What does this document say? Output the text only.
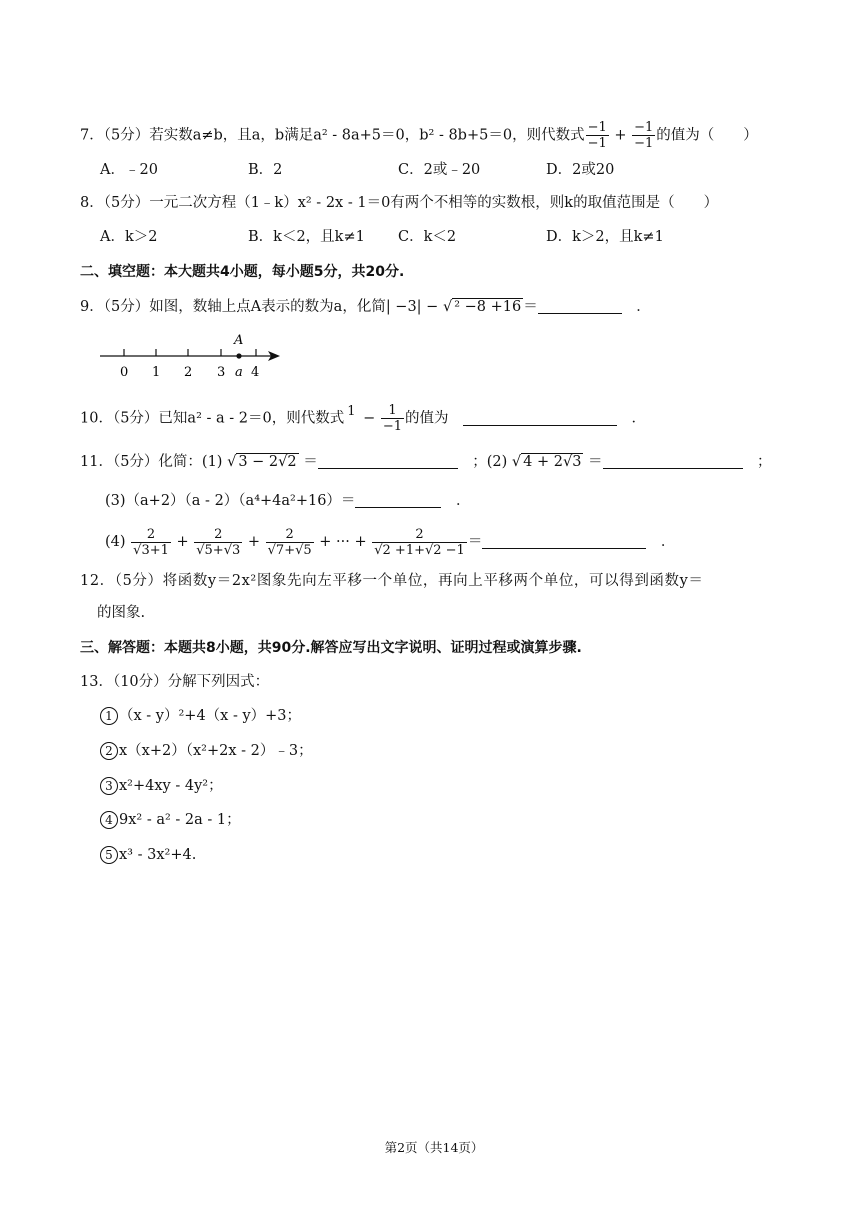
7．（5分）若实数a≠b，且a，b满足a² - 8a+5＝0，b² - 8b+5＝0，则代数式 $\frac{-1}{-1} + \frac{-1}{-1}$ 的值为（　　）
A．﹣20	B．2	C．2或﹣20	D．2或20
8．（5分）一元二次方程（1﹣k）x² - 2x - 1＝0有两个不相等的实数根，则k的取值范围是（　　）
A．k＞2	B．k＜2，且k≠1 C．k＜2	D．k＞2，且k≠1
二、填空题：本大题共4小题，每小题5分，共20分.
9．（5分）如图，数轴上点A表示的数为a，化简| −3| − √² −8 +16 ＝　	．
A
0 1 2 3 a 4
10．（5分）已知a² - a - 2＝0，则代数式 $1 - \frac{1}{-1}$ 的值为　　	．
11．（5分）化简：(1) √ 3 − 2√2 ＝　	；(2) √ 4 + 2√3 ＝　	；
(3)（a+2）（a - 2）（a⁴+4a²+16）＝　	．
$(4) \frac{2}{√3+1} + \frac{2}{√5+√3} + \frac{2}{√7+√5}$ + ··· + $\frac{2}{√2 +1+√2 -1}$ ＝　	．
12．（5分）将函数y＝2x²图象先向左平移一个单位，再向上平移两个单位，可以得到函数y＝
的图象.
三、解答题：本题共8小题，共90分.解答应写出文字说明、证明过程或演算步骤.
13．（10分）分解下列因式：
1 （x - y）²+4（x - y）+3；
2 x（x+2）（x²+2x - 2）﹣3；
3 x²+4xy - 4y²；
4 9x² - a² - 2a - 1；
5 x³ - 3x²+4.
第2页（共14页）
